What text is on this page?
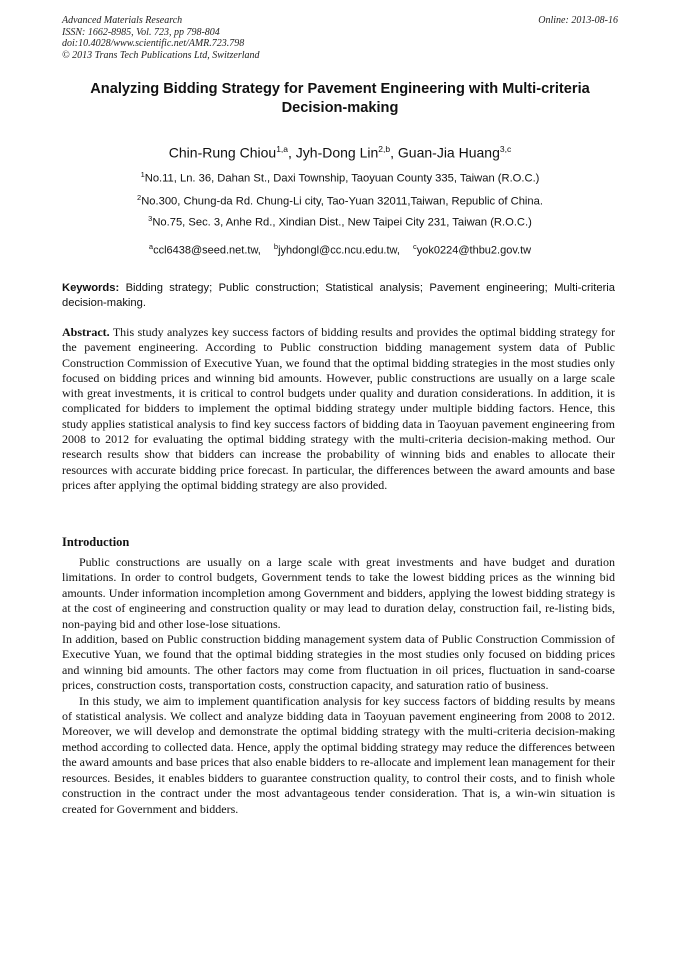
Advanced Materials Research
ISSN: 1662-8985, Vol. 723, pp 798-804
doi:10.4028/www.scientific.net/AMR.723.798
© 2013 Trans Tech Publications Ltd, Switzerland
Online: 2013-08-16
Analyzing Bidding Strategy for Pavement Engineering with Multi-criteria Decision-making
Chin-Rung Chiou$^{1,a}$, Jyh-Dong Lin$^{2,b}$, Guan-Jia Huang$^{3,c}$
$^1$No.11, Ln. 36, Dahan St., Daxi Township, Taoyuan County 335, Taiwan (R.O.C.)
$^2$No.300, Chung-da Rd. Chung-Li city, Tao-Yuan 32011,Taiwan, Republic of China.
$^3$No.75, Sec. 3, Anhe Rd., Xindian Dist., New Taipei City 231, Taiwan (R.O.C.)
$^a$ccl6438@seed.net.tw, $^b$jyhdongl@cc.ncu.edu.tw, $^c$yok0224@thbu2.gov.tw
Keywords: Bidding strategy; Public construction; Statistical analysis; Pavement engineering; Multi-criteria decision-making.
Abstract. This study analyzes key success factors of bidding results and provides the optimal bidding strategy for the pavement engineering. According to Public construction bidding management system data of Public Construction Commission of Executive Yuan, we found that the optimal bidding strategies in the most studies only focused on bidding prices and winning bid amounts. However, public constructions are usually on a large scale with great investments, it is critical to control budgets under quality and duration considerations. In addition, it is complicated for bidders to implement the optimal bidding strategy under multiple bidding factors. Hence, this study applies statistical analysis to find key success factors of bidding data in Taoyuan pavement engineering from 2008 to 2012 for evaluating the optimal bidding strategy with the multi-criteria decision-making method. Our research results show that bidders can increase the probability of winning bids and enables to allocate their resources with accurate bidding price forecast. In particular, the differences between the award amounts and base prices after applying the optimal bidding strategy are also provided.
Introduction

Public constructions are usually on a large scale with great investments and have budget and duration limitations. In order to control budgets, Government tends to take the lowest bidding prices as the winning bid amounts. Under information incompletion among Government and bidders, applying the lowest bidding strategy is at the cost of engineering and construction quality or may lead to duration delay, construction fail, re-listing bids, non-paying bid and other lose-lose situations.

In addition, based on Public construction bidding management system data of Public Construction Commission of Executive Yuan, we found that the optimal bidding strategies in the most studies only focused on bidding prices and winning bid amounts. The other factors may come from fluctuation in oil prices, fluctuation in sand-coarse prices, construction costs, transportation costs, construction capacity, and saturation ratio of business.

In this study, we aim to implement quantification analysis for key success factors of bidding results by means of statistical analysis. We collect and analyze bidding data in Taoyuan pavement engineering from 2008 to 2012. Moreover, we will develop and demonstrate the optimal bidding strategy with the multi-criteria decision-making method according to collected data. Hence, apply the optimal bidding strategy may reduce the differences between the award amounts and base prices that also enable bidders to re-allocate and implement lean management for their resources. Besides, it enables bidders to guarantee construction quality, to control their costs, and to finish whole construction in the contract under the most advantageous tender consideration. That is, a win-win situation is created for Government and bidders.
